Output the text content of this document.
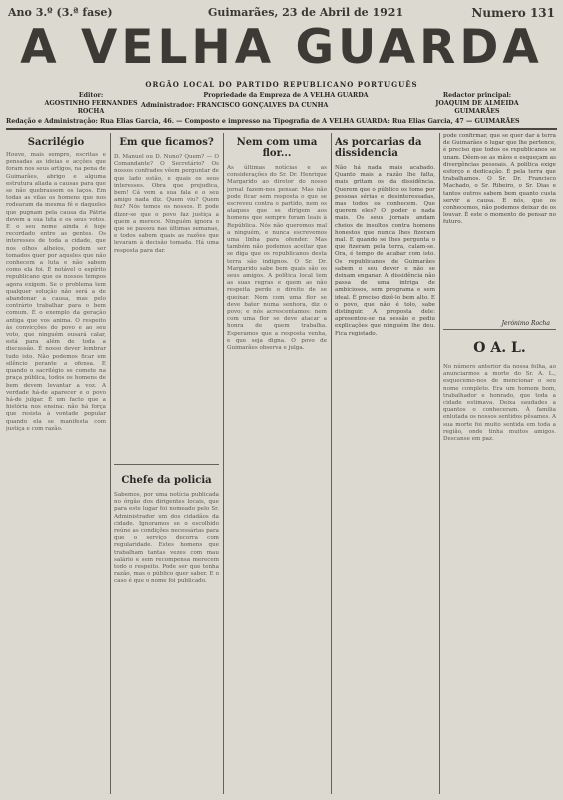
Ano 3.º (3.ª fase)	Guimarães, 23 de Abril de 1921	Numero 131
A VELHA GUARDA
ORGÃO LOCAL DO PARTIDO REPUBLICANO PORTUGUÊS
Editor:
AGOSTINHO FERNANDES ROCHA
Propriedade da Empreza de A VELHA GUARDA	Redactor principal:
JOAQUIM DE ALMEIDA GUIMARÃES
Administrador: FRANCISCO GONÇALVES DA CUNHA
Redação e Administração: Rua Elias Garcia, 46. — Composto e impresso na Tipografia de A VELHA GUARDA: Rua Elias Garcia, 47 — GUIMARÃES
Sacrilégio
Houve, mais sempre, escritas e pensadas as ideias e acções que foram nos seus artigos, na pena de Guimarães, abrigo e alguma estrutura aliada a causas para que se não quebrassem os laços. Em todas as vilas os homens que nos rodearam da mesma fé e daqueles que pugnam pela causa da Pátria devem a sua luta e os seus votos. E o seu nome ainda é hoje recordado entre as gentes. Os interesses de toda a cidade, que nos olhos alheios, podem ser tomados quer por aqueles que não conhecem a luta e não sabem como ela foi. É notável o espírito republicano que os nossos tempos agora exigem. Se o problema tem qualquer solução não será a de abandonar a causa, mas pelo contrário trabalhar para o bem comum. É o exemplo da geração antiga que vos anima. O respeito às convicções do povo e ao seu voto, que ninguém ousará calar, está para além de toda a discussão. É nosso dever lembrar tudo isto. Não podemos ficar em silêncio perante a ofensa. E quando o sacrilégio se comete na praça pública, todos os homens de bem devem levantar a voz. A verdade há-de aparecer e o povo há-de julgar. É um facto que a história nos ensina: não há força que resista à vontade popular quando ela se manifesta com justiça e com razão.
Em que ficamos?
D. Manuel ou D. Nuno? Quem? — O Comandante? O Secretário? Os nossos confrades vêem perguntar de que lado estão, e quais os seus interesses. Obra que prejudica, bem! Cá vem a sua fala e o seu amigo nada diz. Quem viu? Quem fez? Nós temos os nossos. E pode dizer-se que o povo faz justiça a quem a merece. Ninguém ignora o que se passou nas últimas semanas, e todos sabem quais as razões que levaram à decisão tomada. Há uma resposta para dar.
Chefe da policia
Sabemos, por uma notícia publicada no órgão dos dirigentes locais, que para este lugar foi nomeado pelo Sr. Administrador um dos cidadãos da cidade. Ignoramos se o escolhido reúne as condições necessárias para que o serviço decorra com regularidade. Estes homens que trabalham tantas vezes com mau salário e sem recompensa merecem todo o respeito. Pode ser que tenha razão, mas o público quer saber. E o caso é que o nome foi publicado.
Nem com uma flor...
As últimas notícias e as considerações do Sr. Dr. Henrique Margarido ao diretor do nosso jornal fazem-nos pensar. Mas não pode ficar sem resposta o que se escreveu contra o partido, nem os ataques que se dirigem aos homens que sempre foram leais à República. Nós não queremos mal a ninguém, e nunca escrevemos uma linha para ofender. Mas também não podemos aceitar que se diga que os republicanos desta terra são indignos. O Sr. Dr. Margarido sabe bem quais são os seus amigos. A política local tem as suas regras e quem as não respeita perde o direito de se queixar. Nem com uma flor se deve bater numa senhora, diz o povo; e nós acrescentamos: nem com uma flor se deve atacar a honra de quem trabalha. Esperamos que a resposta venha, e que seja digna. O povo de Guimarães observa e julga.
As porcarias da dissidencia
Não há nada mais acabado. Quanto mais a razão lhe falta, mais gritam os da dissidência. Querem que o público os tome por pessoas sérias e desinteressadas, mas todos os conhecem. Que querem eles? O poder e nada mais. Os seus jornais andam cheios de insultos contra homens honestos que nunca lhes fizeram mal. E quando se lhes pergunta o que fizeram pela terra, calam-se. Ora, é tempo de acabar com isto. Os republicanos de Guimarães sabem o seu dever e não se deixam enganar. A dissidência não passa de uma intriga de ambiciosos, sem programa e sem ideal. É preciso dizê-lo bem alto. E o povo, que não é tolo, sabe distinguir. A proposta dele: apresentou-se na sessão e pediu explicações que ninguém lhe deu. Fica registado.
pode confirmar, que se quer dar à terra de Guimarães o lugar que lhe pertence, é preciso que todos os republicanos se unam. Dêem-se as mãos e esqueçam as divergências pessoais. A política exige esforço e dedicação. É pela terra que trabalhamos. O Sr. Dr. Francisco Machado, o Sr. Ribeiro, o Sr. Dias e tantos outros sabem bem quanto custa servir a causa. E nós, que os conhecemos, não podemos deixar de os louvar. É este o momento de pensar no futuro.
Jerónimo Rocha
O A. L.
No número anterior da nossa folha, ao anunciarmos a morte do Sr. A. L., esquecemo-nos de mencionar o seu nome completo. Era um homem bom, trabalhador e honrado, que toda a cidade estimava. Deixa saudades a quantos o conheceram. À família enlutada os nossos sentidos pêsames. A sua morte foi muito sentida em toda a região, onde tinha muitos amigos. Descanse em paz.
